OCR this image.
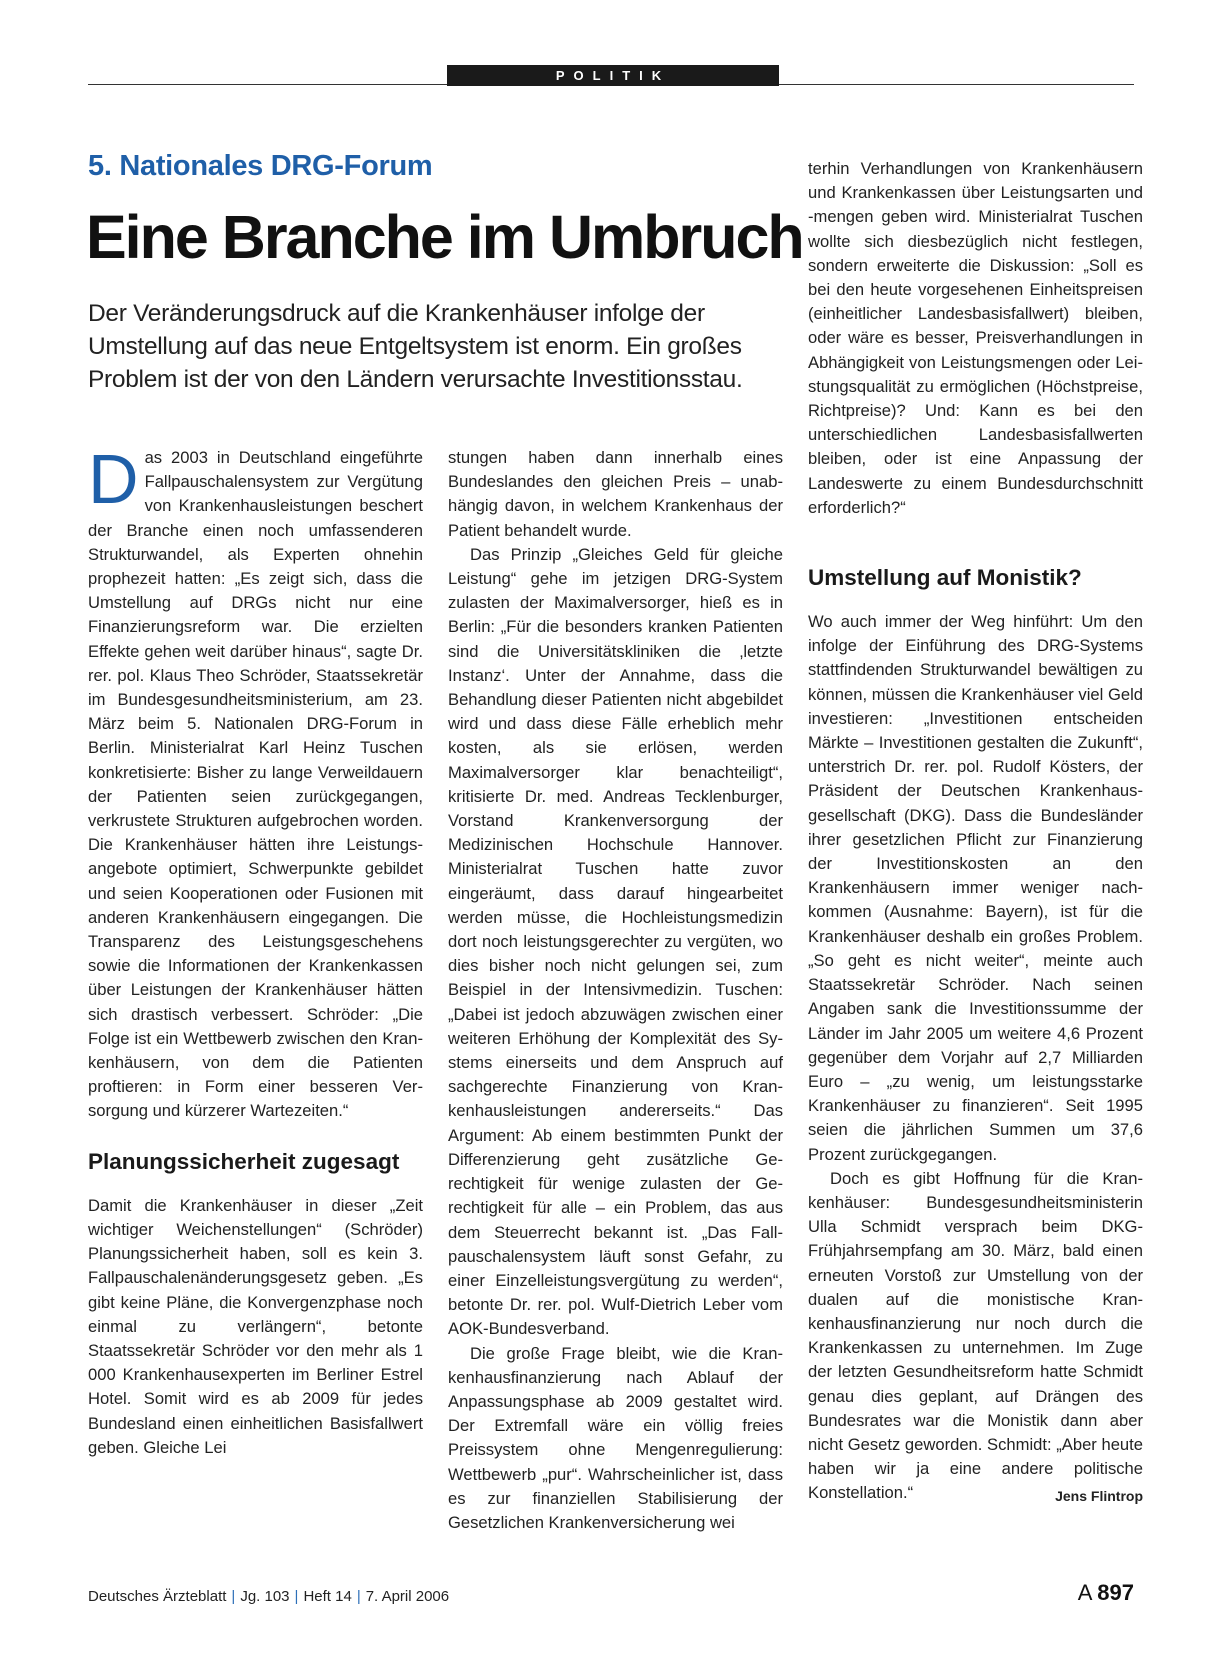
POLITIK
5. Nationales DRG-Forum
Eine Branche im Umbruch
Der Veränderungsdruck auf die Krankenhäuser infolge der Umstellung auf das neue Entgeltsystem ist enorm. Ein großes Problem ist der von den Ländern verursachte Investitionsstau.

Das 2003 in Deutschland eingeführte Fallpauschalensystem zur Vergütung von Krankenhausleistungen beschert der Branche einen noch umfassenderen Strukturwandel, als Experten ohnehin prophezeit hatten: „Es zeigt sich, dass die Umstellung auf DRGs nicht nur eine Finanzierungsreform war. Die erzielten Effekte gehen weit darüber hinaus“, sagte Dr. rer. pol. Klaus Theo Schröder, Staatssekretär im Bundesgesundheitsministerium, am 23. März beim 5. Nationalen DRG-Forum in Berlin. Ministerialrat Karl Heinz Tuschen konkretisierte: Bisher zu lange Verweildauern der Patienten seien zurückgegangen, verkrustete Strukturen aufgebrochen worden. Die Krankenhäuser hätten ihre Leistungsangebote optimiert, Schwerpunkte gebildet und seien Kooperationen oder Fusionen mit anderen Krankenhäusern eingegangen. Die Transparenz des Leistungsgeschehens sowie die Informationen der Krankenkassen über Leistungen der Krankenhäuser hätten sich drastisch verbessert. Schröder: „Die Folge ist ein Wettbewerb zwischen den Krankenhäusern, von dem die Patienten proftieren: in Form einer besseren Versorgung und kürzerer Wartezeiten.“

Planungssicherheit zugesagt

Damit die Krankenhäuser in dieser „Zeit wichtiger Weichenstellungen“ (Schröder) Planungssicherheit haben, soll es kein 3. Fallpauschalenänderungsgesetz geben. „Es gibt keine Pläne, die Konvergenzphase noch einmal zu verlängern“, betonte Staatssekretär Schröder vor den mehr als 1 000 Krankenhausexperten im Berliner Estrel Hotel. Somit wird es ab 2009 für jedes Bundesland einen einheitlichen Basisfallwert geben. Gleiche Lei

stungen haben dann innerhalb eines Bundeslandes den gleichen Preis – unabhängig davon, in welchem Krankenhaus der Patient behandelt wurde.

Das Prinzip „Gleiches Geld für gleiche Leistung“ gehe im jetzigen DRG-System zulasten der Maximalversorger, hieß es in Berlin: „Für die besonders kranken Patienten sind die Universitätskliniken die ‚letzte Instanz‘. Unter der Annahme, dass die Behandlung dieser Patienten nicht abgebildet wird und dass diese Fälle erheblich mehr kosten, als sie erlösen, werden Maximalversorger klar benachteiligt“, kritisierte Dr. med. Andreas Tecklenburger, Vorstand Krankenversorgung der Medizinischen Hochschule Hannover. Ministerialrat Tuschen hatte zuvor eingeräumt, dass darauf hingearbeitet werden müsse, die Hochleistungsmedizin dort noch leistungsgerechter zu vergüten, wo dies bisher noch nicht gelungen sei, zum Beispiel in der Intensivmedizin. Tuschen: „Dabei ist jedoch abzuwägen zwischen einer weiteren Erhöhung der Komplexität des Systems einerseits und dem Anspruch auf sachgerechte Finanzierung von Krankenhausleistungen andererseits.“ Das Argument: Ab einem bestimmten Punkt der Differenzierung geht zusätzliche Gerechtigkeit für wenige zulasten der Gerechtigkeit für alle – ein Problem, das aus dem Steuerrecht bekannt ist. „Das Fallpauschalensystem läuft sonst Gefahr, zu einer Einzelleistungsvergütung zu werden“, betonte Dr. rer. pol. Wulf-Dietrich Leber vom AOK-Bundesverband.

Die große Frage bleibt, wie die Krankenhausfinanzierung nach Ablauf der Anpassungsphase ab 2009 gestaltet wird. Der Extremfall wäre ein völlig freies Preissystem ohne Mengenregulierung: Wettbewerb „pur“. Wahrscheinlicher ist, dass es zur finanziellen Stabilisierung der Gesetzlichen Krankenversicherung wei

terhin Verhandlungen von Krankenhäusern und Krankenkassen über Leistungsarten und -mengen geben wird. Ministerialrat Tuschen wollte sich diesbezüglich nicht festlegen, sondern erweiterte die Diskussion: „Soll es bei den heute vorgesehenen Einheitspreisen (einheitlicher Landesbasisfallwert) bleiben, oder wäre es besser, Preisverhandlungen in Abhängigkeit von Leistungsmengen oder Leistungsqualität zu ermöglichen (Höchstpreise, Richtpreise)? Und: Kann es bei den unterschiedlichen Landesbasisfallwerten bleiben, oder ist eine Anpassung der Landeswerte zu einem Bundesdurchschnitt erforderlich?“

Umstellung auf Monistik?

Wo auch immer der Weg hinführt: Um den infolge der Einführung des DRG-Systems stattfindenden Strukturwandel bewältigen zu können, müssen die Krankenhäuser viel Geld investieren: „Investitionen entscheiden Märkte – Investitionen gestalten die Zukunft“, unterstrich Dr. rer. pol. Rudolf Kösters, der Präsident der Deutschen Krankenhausgesellschaft (DKG). Dass die Bundesländer ihrer gesetzlichen Pflicht zur Finanzierung der Investitionskosten an den Krankenhäusern immer weniger nachkommen (Ausnahme: Bayern), ist für die Krankenhäuser deshalb ein großes Problem. „So geht es nicht weiter“, meinte auch Staatssekretär Schröder. Nach seinen Angaben sank die Investitionssumme der Länder im Jahr 2005 um weitere 4,6 Prozent gegenüber dem Vorjahr auf 2,7 Milliarden Euro – „zu wenig, um leistungsstarke Krankenhäuser zu finanzieren“. Seit 1995 seien die jährlichen Summen um 37,6 Prozent zurückgegangen.

Doch es gibt Hoffnung für die Krankenhäuser: Bundesgesundheitsministerin Ulla Schmidt versprach beim DKG-Frühjahrsempfang am 30. März, bald einen erneuten Vorstoß zur Umstellung von der dualen auf die monistische Krankenhausfinanzierung nur noch durch die Krankenkassen zu unternehmen. Im Zuge der letzten Gesundheitsreform hatte Schmidt genau dies geplant, auf Drängen des Bundesrates war die Monistik dann aber nicht Gesetz geworden. Schmidt: „Aber heute haben wir ja eine andere politische Konstellation.“	Jens Flintrop

Deutsches Ärzteblatt | Jg. 103 | Heft 14 | 7. April 2006	A 897
